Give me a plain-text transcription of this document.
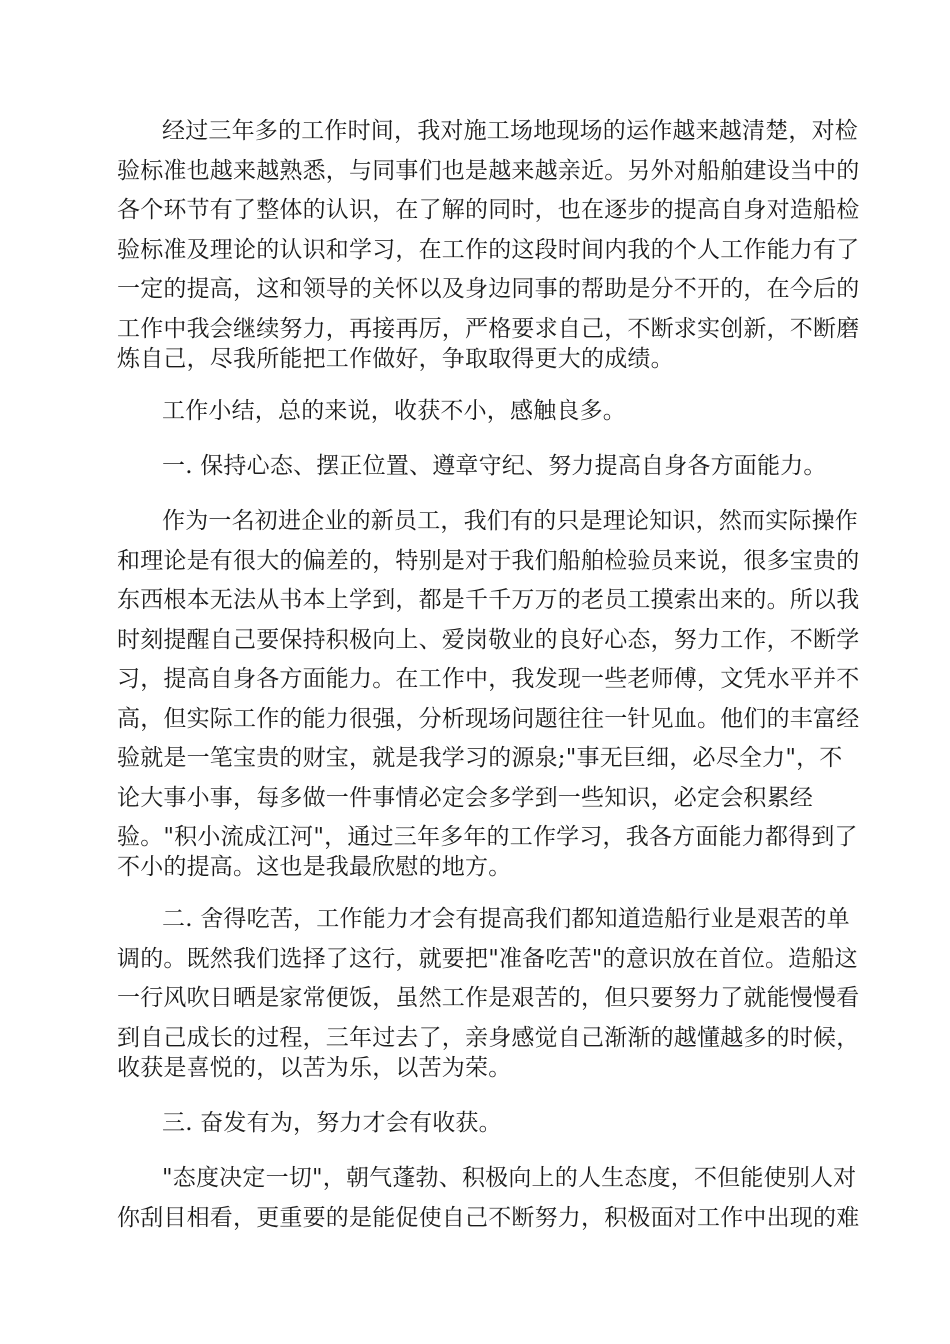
经过三年多的工作时间，我对施工场地现场的运作越来越清楚，对检

验标准也越来越熟悉，与同事们也是越来越亲近。另外对船舶建设当中的

各个环节有了整体的认识，在了解的同时，也在逐步的提高自身对造船检

验标准及理论的认识和学习，在工作的这段时间内我的个人工作能力有了

一定的提高，这和领导的关怀以及身边同事的帮助是分不开的，在今后的

工作中我会继续努力，再接再厉，严格要求自己，不断求实创新，不断磨

炼自己，尽我所能把工作做好，争取取得更大的成绩。

工作小结，总的来说，收获不小，感触良多。

一. 保持心态、摆正位置、遵章守纪、努力提高自身各方面能力。

作为一名初进企业的新员工，我们有的只是理论知识，然而实际操作

和理论是有很大的偏差的，特别是对于我们船舶检验员来说，很多宝贵的

东西根本无法从书本上学到，都是千千万万的老员工摸索出来的。所以我

时刻提醒自己要保持积极向上、爱岗敬业的良好心态，努力工作，不断学

习，提高自身各方面能力。在工作中，我发现一些老师傅，文凭水平并不

高，但实际工作的能力很强，分析现场问题往往一针见血。他们的丰富经

验就是一笔宝贵的财宝，就是我学习的源泉;"事无巨细，必尽全力"，不

论大事小事，每多做一件事情必定会多学到一些知识，必定会积累经

验。"积小流成江河"，通过三年多年的工作学习，我各方面能力都得到了

不小的提高。这也是我最欣慰的地方。

二. 舍得吃苦，工作能力才会有提高我们都知道造船行业是艰苦的单

调的。既然我们选择了这行，就要把"准备吃苦"的意识放在首位。造船这

一行风吹日晒是家常便饭，虽然工作是艰苦的，但只要努力了就能慢慢看

到自己成长的过程，三年过去了，亲身感觉自己渐渐的越懂越多的时候，

收获是喜悦的，以苦为乐，以苦为荣。

三. 奋发有为，努力才会有收获。

"态度决定一切"，朝气蓬勃、积极向上的人生态度，不但能使别人对

你刮目相看，更重要的是能促使自己不断努力，积极面对工作中出现的难
